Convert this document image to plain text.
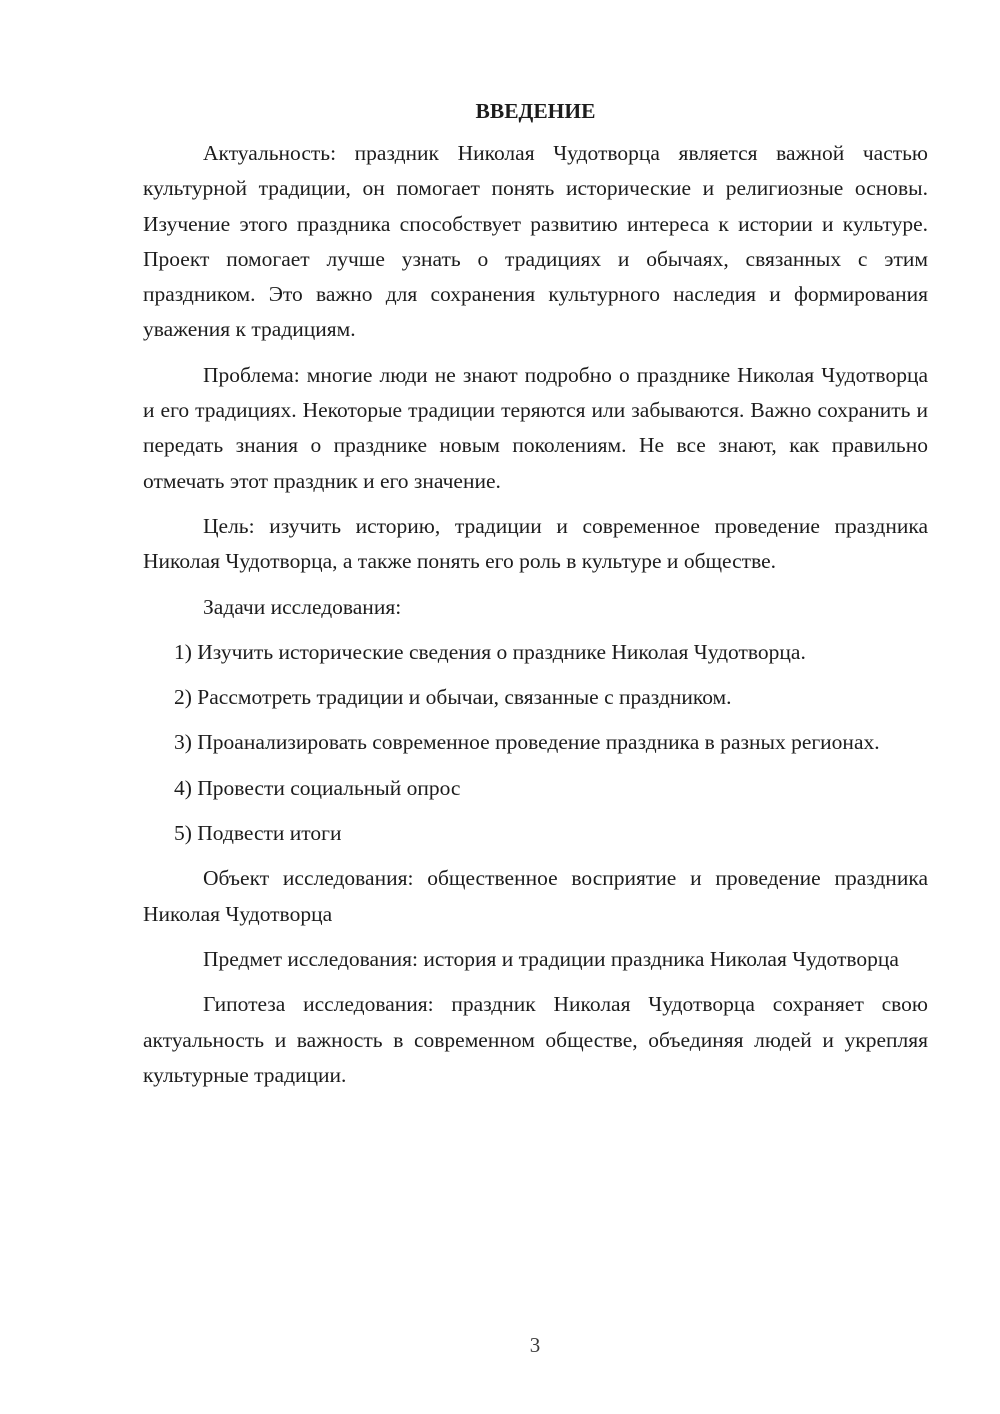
ВВЕДЕНИЕ

Актуальность: праздник Николая Чудотворца является важной частью культурной традиции, он помогает понять исторические и религиозные основы. Изучение этого праздника способствует развитию интереса к истории и культуре. Проект помогает лучше узнать о традициях и обычаях, связанных с этим праздником. Это важно для сохранения культурного наследия и формирования уважения к традициям.

Проблема: многие люди не знают подробно о празднике Николая Чудотворца и его традициях. Некоторые традиции теряются или забываются. Важно сохранить и передать знания о празднике новым поколениям. Не все знают, как правильно отмечать этот праздник и его значение.

Цель: изучить историю, традиции и современное проведение праздника Николая Чудотворца, а также понять его роль в культуре и обществе.

Задачи исследования:

1) Изучить исторические сведения о празднике Николая Чудотворца.

2) Рассмотреть традиции и обычаи, связанные с праздником.

3) Проанализировать современное проведение праздника в разных регионах.

4) Провести социальный опрос

5) Подвести итоги

Объект исследования: общественное восприятие и проведение праздника Николая Чудотворца

Предмет исследования: история и традиции праздника Николая Чудотворца

Гипотеза исследования: праздник Николая Чудотворца сохраняет свою актуальность и важность в современном обществе, объединяя людей и укрепляя культурные традиции.

3
